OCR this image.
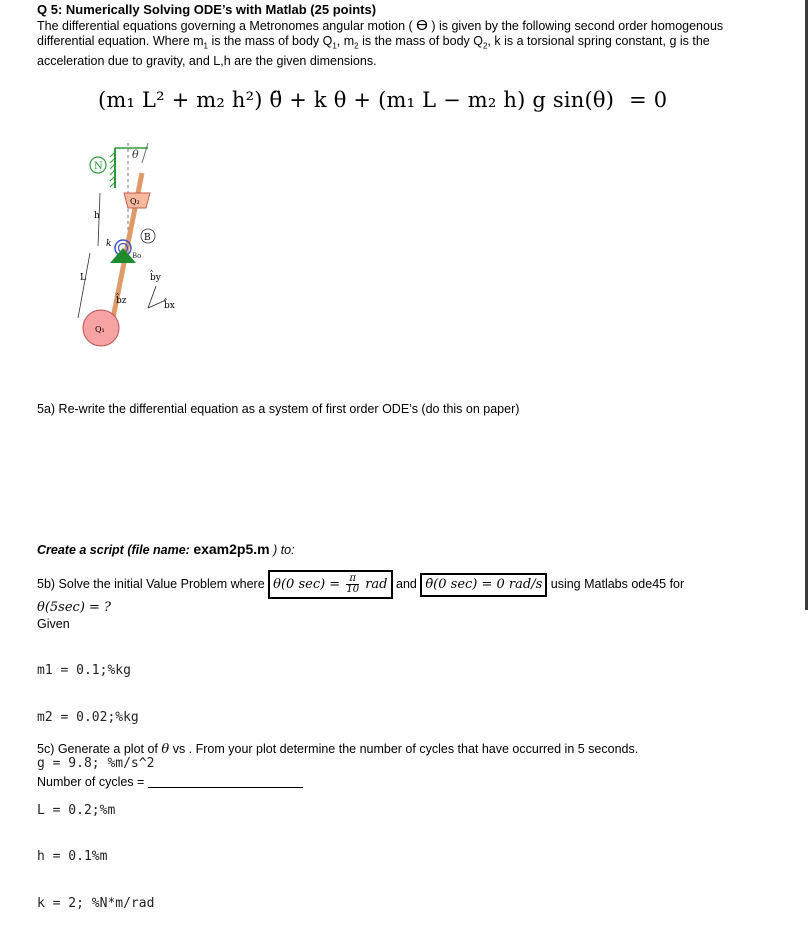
Q 5: Numerically Solving ODE’s with Matlab (25 points)
The differential equations governing a Metronomes angular motion ( ϴ ) is given by the following second order homogenous differential equation. Where $m_1$ is the mass of body $Q_1$, $m_2$ is the mass of body $Q_2$, k is a torsional spring constant, g is the acceleration due to gravity, and L,h are the given dimensions.
(m₁ L² + m₂ h²) θ̈ + k θ + (m₁ L − m₂ h) g sin(θ) = 0
N
θ
Q₂
B
h
k
Bo
L	b̂y
b̂x
b̂z
Q₁
5a) Re-write the differential equation as a system of first order ODE’s (do this on paper)
Create a script (file name: exam2p5.m ) to:
5b) Solve the initial Value Problem where θ(0 $\sec) = \frac{\pi}{10}$ rad and θ̇(0 sec) = 0 rad/s using Matlabs ode45 for
θ(5sec) = ?
Given

m1 = 0.1;%kg

m2 = 0.02;%kg

g = 9.8; %m/s^2

L = 0.2;%m

h = 0.1%m

k = 2; %N*m/rad

5c) Generate a plot of θ vs . From your plot determine the number of cycles that have occurred in 5 seconds.
Number of cycles =
